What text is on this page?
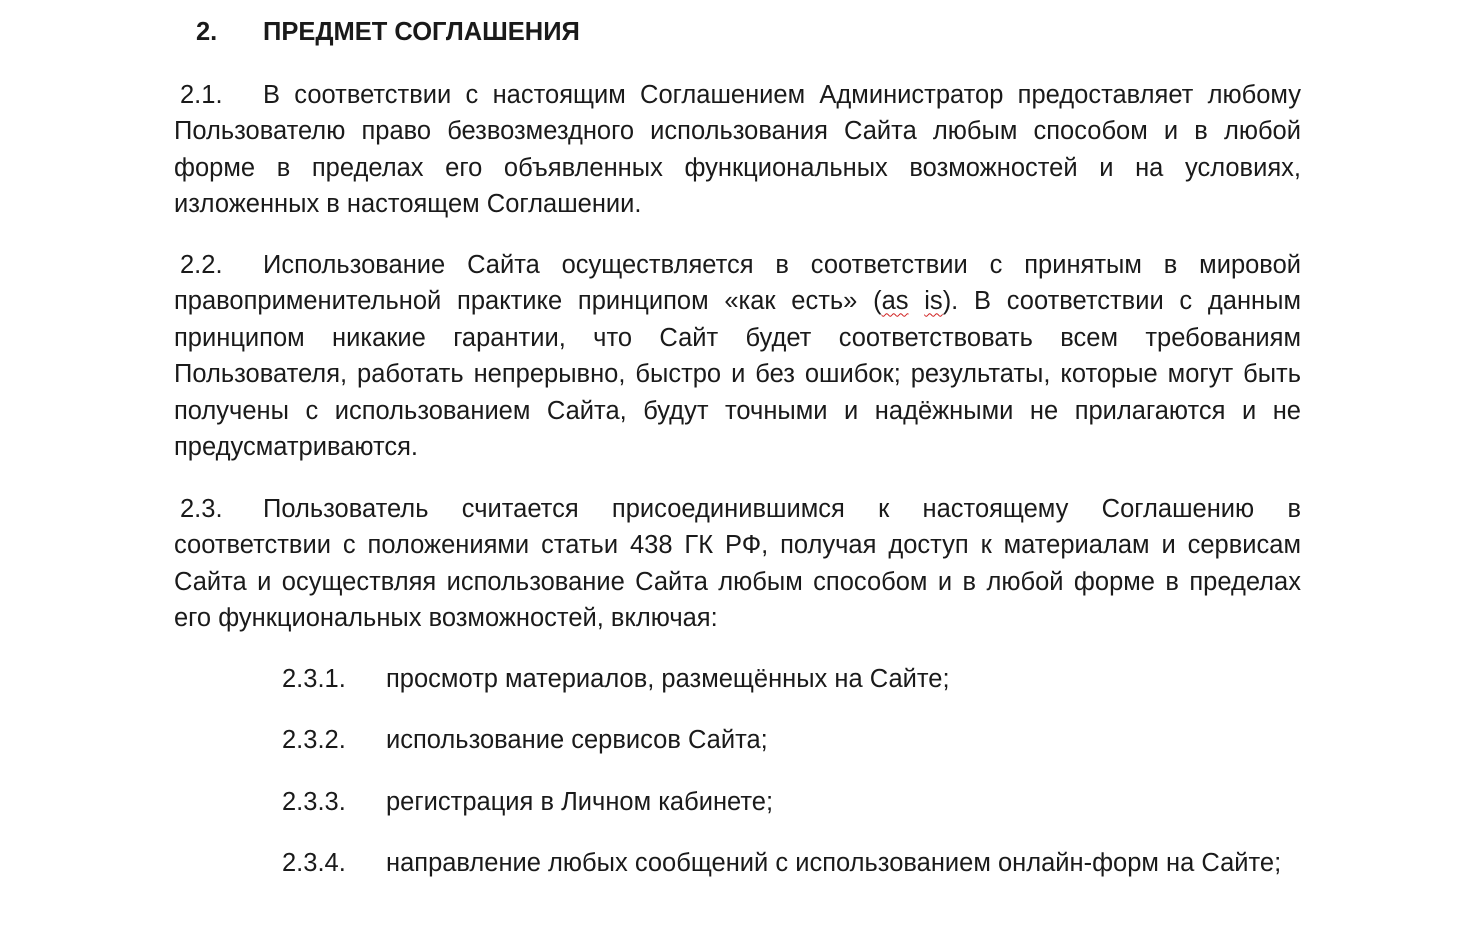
2. ПРЕДМЕТ СОГЛАШЕНИЯ
2.1. В соответствии с настоящим Соглашением Администратор предоставляет любому Пользователю право безвозмездного использования Сайта любым способом и в любой форме в пределах его объявленных функциональных возможностей и на условиях, изложенных в настоящем Соглашении.
2.2. Использование Сайта осуществляется в соответствии с принятым в мировой правоприменительной практике принципом «как есть» (as is). В соответствии с данным принципом никакие гарантии, что Сайт будет соответствовать всем требованиям Пользователя, работать непрерывно, быстро и без ошибок; результаты, которые могут быть получены с использованием Сайта, будут точными и надёжными не прилагаются и не предусматриваются.
2.3. Пользователь считается присоединившимся к настоящему Соглашению в соответствии с положениями статьи 438 ГК РФ, получая доступ к материалам и сервисам Сайта и осуществляя использование Сайта любым способом и в любой форме в пределах его функциональных возможностей, включая:
2.3.1.	просмотр материалов, размещённых на Сайте;
2.3.2.	использование сервисов Сайта;
2.3.3.	регистрация в Личном кабинете;
2.3.4.	направление любых сообщений с использованием онлайн-форм на Сайте;
